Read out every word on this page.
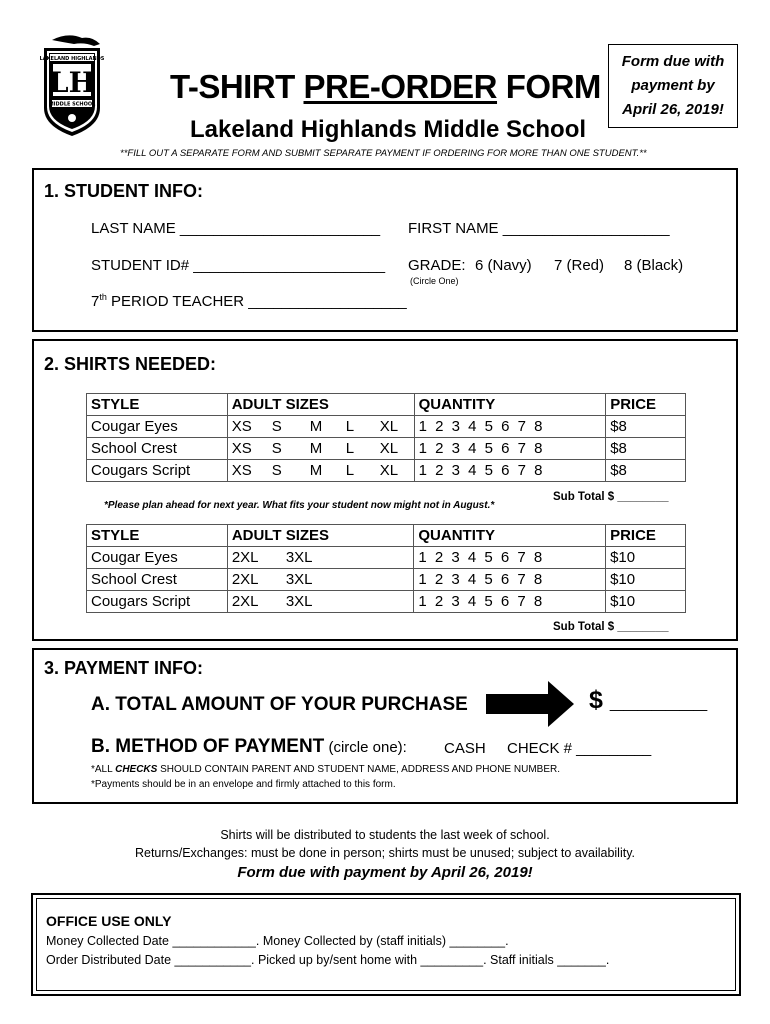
LAKELAND HIGHLANDS
LH
MIDDLE SCHOOL T-SHIRT PRE-ORDER FORM
Lakeland Highlands Middle School
Form due with
payment by
April 26, 2019!
**FILL OUT A SEPARATE FORM AND SUBMIT SEPARATE PAYMENT IF ORDERING FOR MORE THAN ONE STUDENT.**
1. STUDENT INFO:
LAST NAME ________________________ FIRST NAME ____________________
STUDENT ID# _______________________ GRADE: 6 (Navy) 7 (Red) 8 (Black)
(Circle One)
7th PERIOD TEACHER ___________________
2. SHIRTS NEEDED:
STYLE	ADULT SIZES	QUANTITY	PRICE
Cougar Eyes	XS S M L XL	1 2 3 4 5 6 7 8	$8
School Crest	XS S M L XL	1 2 3 4 5 6 7 8	$8
Cougars Script	XS S M L XL	1 2 3 4 5 6 7 8	$8
*Please plan ahead for next year. What fits your student now might not in August.*
Sub Total $ ________
STYLE	ADULT SIZES	QUANTITY	PRICE
Cougar Eyes	2XL 3XL	1 2 3 4 5 6 7 8	$10
School Crest	2XL 3XL	1 2 3 4 5 6 7 8	$10
Cougars Script	2XL 3XL	1 2 3 4 5 6 7 8	$10
Sub Total $ ________
3. PAYMENT INFO:
A. TOTAL AMOUNT OF YOUR PURCHASE	$ _______
B. METHOD OF PAYMENT (circle one): CASH CHECK # _________
*ALL CHECKS SHOULD CONTAIN PARENT AND STUDENT NAME, ADDRESS AND PHONE NUMBER.
*Payments should be in an envelope and firmly attached to this form.
Shirts will be distributed to students the last week of school.
Returns/Exchanges: must be done in person; shirts must be unused; subject to availability.
Form due with payment by April 26, 2019!
OFFICE USE ONLY
Money Collected Date ____________. Money Collected by (staff initials) ________.
Order Distributed Date ___________. Picked up by/sent home with _________. Staff initials _______.
